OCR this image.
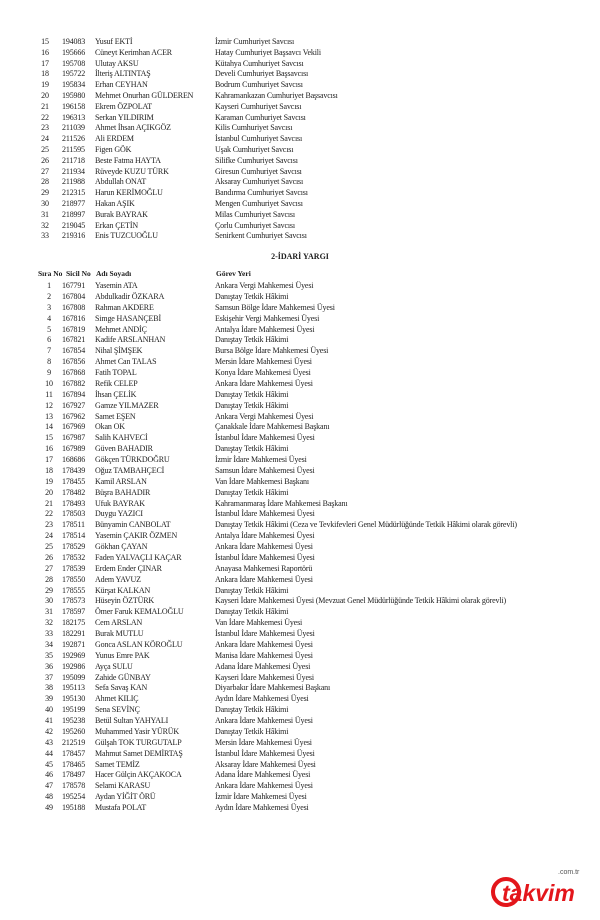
15	194083 Yusuf EKTİ	İzmir Cumhuriyet Savcısı
16	195666 Cüneyt Kerimhan ACER	Hatay Cumhuriyet Başsavcı Vekili
17	195708 Ulutay AKSU	Kütahya Cumhuriyet Savcısı
18	195722 İlteriş ALTINTAŞ	Develi Cumhuriyet Başsavcısı
19	195834 Erhan CEYHAN	Bodrum Cumhuriyet Savcısı
20	195980 Mehmet Onurhan GÜLDEREN	Kahramankazan Cumhuriyet Başsavcısı
21	196158 Ekrem ÖZPOLAT	Kayseri Cumhuriyet Savcısı
22	196313 Serkan YILDIRIM	Karaman Cumhuriyet Savcısı
23	211039 Ahmet İhsan AÇIKGÖZ	Kilis Cumhuriyet Savcısı
24	211526 Ali ERDEM	İstanbul Cumhuriyet Savcısı
25	211595 Figen GÖK	Uşak Cumhuriyet Savcısı
26	211718 Beste Fatma HAYTA	Silifke Cumhuriyet Savcısı
27	211934 Rüveyde KUZU TÜRK	Giresun Cumhuriyet Savcısı
28	211988 Abdullah ONAT	Aksaray Cumhuriyet Savcısı
29	212315 Harun KERİMOĞLU	Bandırma Cumhuriyet Savcısı
30	218977 Hakan AŞIK	Mengen Cumhuriyet Savcısı
31	218997 Burak BAYRAK	Milas Cumhuriyet Savcısı
32	219045 Erkan ÇETİN	Çorlu Cumhuriyet Savcısı
33	219316 Enis TUZCUOĞLU	Senirkent Cumhuriyet Savcısı
2-İDARİ YARGI
Sıra No Sicil No Adı Soyadı	Görev Yeri
1	167791 Yasemin ATA	Ankara Vergi Mahkemesi Üyesi
2	167804 Abdulkadir ÖZKARA	Danıştay Tetkik Hâkimi
3	167808 Rahman AKDERE	Samsun Bölge İdare Mahkemesi Üyesi
4	167816 Simge HASANÇEBİ	Eskişehir Vergi Mahkemesi Üyesi
5	167819 Mehmet ANDİÇ	Antalya İdare Mahkemesi Üyesi
6	167821 Kadife ARSLANHAN	Danıştay Tetkik Hâkimi
7	167854 Nihal ŞİMŞEK	Bursa Bölge İdare Mahkemesi Üyesi
8	167856 Ahmet Can TALAS	Mersin İdare Mahkemesi Üyesi
9	167868 Fatih TOPAL	Konya İdare Mahkemesi Üyesi
10	167882 Refik CELEP	Ankara İdare Mahkemesi Üyesi
11	167894 İhsan ÇELİK	Danıştay Tetkik Hâkimi
12	167927 Gamze YILMAZER	Danıştay Tetkik Hâkimi
13	167962 Samet EŞEN	Ankara Vergi Mahkemesi Üyesi
14	167969 Okan OK	Çanakkale İdare Mahkemesi Başkanı
15	167987 Salih KAHVECİ	İstanbul İdare Mahkemesi Üyesi
16	167989 Güven BAHADIR	Danıştay Tetkik Hâkimi
17	168686 Gökçen TÜRKDOĞRU	İzmir İdare Mahkemesi Üyesi
18	178439 Oğuz TAMBAHÇECİ	Samsun İdare Mahkemesi Üyesi
19	178455 Kamil ARSLAN	Van İdare Mahkemesi Başkanı
20	178482 Büşra BAHADIR	Danıştay Tetkik Hâkimi
21	178493 Ufuk BAYRAK	Kahramanmaraş İdare Mahkemesi Başkanı
22	178503 Duygu YAZICI	İstanbul İdare Mahkemesi Üyesi
23	178511 Bünyamin CANBOLAT	Danıştay Tetkik Hâkimi (Ceza ve Tevkifevleri Genel Müdürlüğünde Tetkik Hâkimi olarak görevli)
24	178514 Yasemin ÇAKIR ÖZMEN	Antalya İdare Mahkemesi Üyesi
25	178529 Gökhan ÇAYAN	Ankara İdare Mahkemesi Üyesi
26	178532 Faden YALVAÇLI KAÇAR	İstanbul İdare Mahkemesi Üyesi
27	178539 Erdem Ender ÇINAR	Anayasa Mahkemesi Raportörü
28	178550 Adem YAVUZ	Ankara İdare Mahkemesi Üyesi
29	178555 Kürşat KALKAN	Danıştay Tetkik Hâkimi
30	178573 Hüseyin ÖZTÜRK	Kayseri İdare Mahkemesi Üyesi (Mevzuat Genel Müdürlüğünde Tetkik Hâkimi olarak görevli)
31	178597 Ömer Faruk KEMALOĞLU	Danıştay Tetkik Hâkimi
32	182175 Cem ARSLAN	Van İdare Mahkemesi Üyesi
33	182291 Burak MUTLU	İstanbul İdare Mahkemesi Üyesi
34	192871 Gonca ASLAN KÖROĞLU	Ankara İdare Mahkemesi Üyesi
35	192969 Yunus Emre PAK	Manisa İdare Mahkemesi Üyesi
36	192986 Ayça SULU	Adana İdare Mahkemesi Üyesi
37	195099 Zahide GÜNBAY	Kayseri İdare Mahkemesi Üyesi
38	195113 Sefa Savaş KAN	Diyarbakır İdare Mahkemesi Başkanı
39	195130 Ahmet KILIÇ	Aydın İdare Mahkemesi Üyesi
40	195199 Sena SEVİNÇ	Danıştay Tetkik Hâkimi
41	195238 Betül Sultan YAHYALI	Ankara İdare Mahkemesi Üyesi
42	195260 Muhammed Yasir YÜRÜK	Danıştay Tetkik Hâkimi
43	212519 Gülşah TOK TURGUTALP	Mersin İdare Mahkemesi Üyesi
44	178457 Mahmut Samet DEMİRTAŞ	İstanbul İdare Mahkemesi Üyesi
45	178465 Samet TEMİZ	Aksaray İdare Mahkemesi Üyesi
46	178497 Hacer Gülçin AKÇAKOCA	Adana İdare Mahkemesi Üyesi
47	178578 Selami KARASU	Ankara İdare Mahkemesi Üyesi
48	195254 Aydan YİĞİT ÖRÜ	İzmir İdare Mahkemesi Üyesi
49	195188 Mustafa POLAT	Aydın İdare Mahkemesi Üyesi
.com.tr
takvim
